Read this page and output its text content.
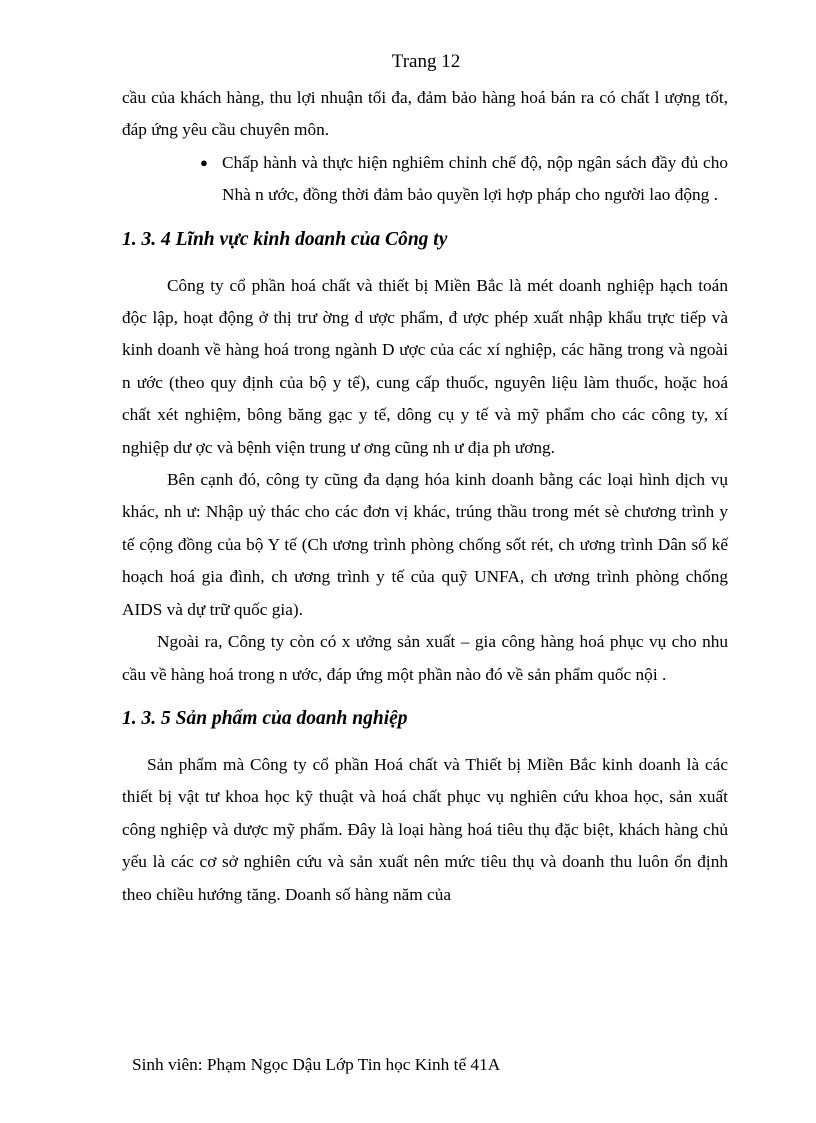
Trang 12

cầu của khách hàng, thu lợi nhuận tối đa, đảm bảo hàng hoá bán ra có chất l ượng tốt, đáp ứng yêu cầu chuyên môn.

● Chấp hành và thực hiện nghiêm chỉnh chế độ, nộp ngân sách đầy đủ cho Nhà n ước, đồng thời đảm bảo quyền lợi hợp pháp cho người lao động .

1. 3. 4 Lĩnh vực kinh doanh của Công ty

Công ty cổ phần hoá chất và thiết bị Miền Bắc là mét doanh nghiệp hạch toán độc lập, hoạt động ở thị trư ờng d ược phẩm, đ ược phép xuất nhập khẩu trực tiếp và kinh doanh về hàng hoá trong ngành D ược của các xí nghiệp, các hãng trong và ngoài n ước (theo quy định của bộ y tế), cung cấp thuốc, nguyên liệu làm thuốc, hoặc hoá chất xét nghiệm, bông băng gạc y tế, dông cụ y tế và mỹ phẩm cho các công ty, xí nghiệp dư ợc và bệnh viện trung ư ơng cũng nh ư địa ph ương.

Bên cạnh đó, công ty cũng đa dạng hóa kinh doanh bằng các loại hình dịch vụ khác, nh ư: Nhập uỷ thác cho các đơn vị khác, trúng thầu trong mét sè chương trình y tế cộng đồng của bộ Y tế (Ch ương trình phòng chống sốt rét, ch ương trình Dân số kế hoạch hoá gia đình, ch ương trình y tế của quỹ UNFA, ch ương trình phòng chống AIDS và dự trữ quốc gia).

Ngoài ra, Công ty còn có x ưởng sản xuất – gia công hàng hoá phục vụ cho nhu cầu về hàng hoá trong n ước, đáp ứng một phần nào đó về sản phẩm quốc nội .

1. 3. 5 Sản phẩm của doanh nghiệp

Sản phẩm mà Công ty cổ phần Hoá chất và Thiết bị Miền Bắc kinh doanh là các thiết bị vật tư khoa học kỹ thuật và hoá chất phục vụ nghiên cứu khoa học, sản xuất công nghiệp và dược mỹ phẩm. Đây là loại hàng hoá tiêu thụ đặc biệt, khách hàng chủ yếu là các cơ sở nghiên cứu và sản xuất nên mức tiêu thụ và doanh thu luôn ổn định theo chiều hướng tăng. Doanh số hàng năm của

Sinh viên: Phạm Ngọc Dậu Lớp Tin học Kinh tế 41A
